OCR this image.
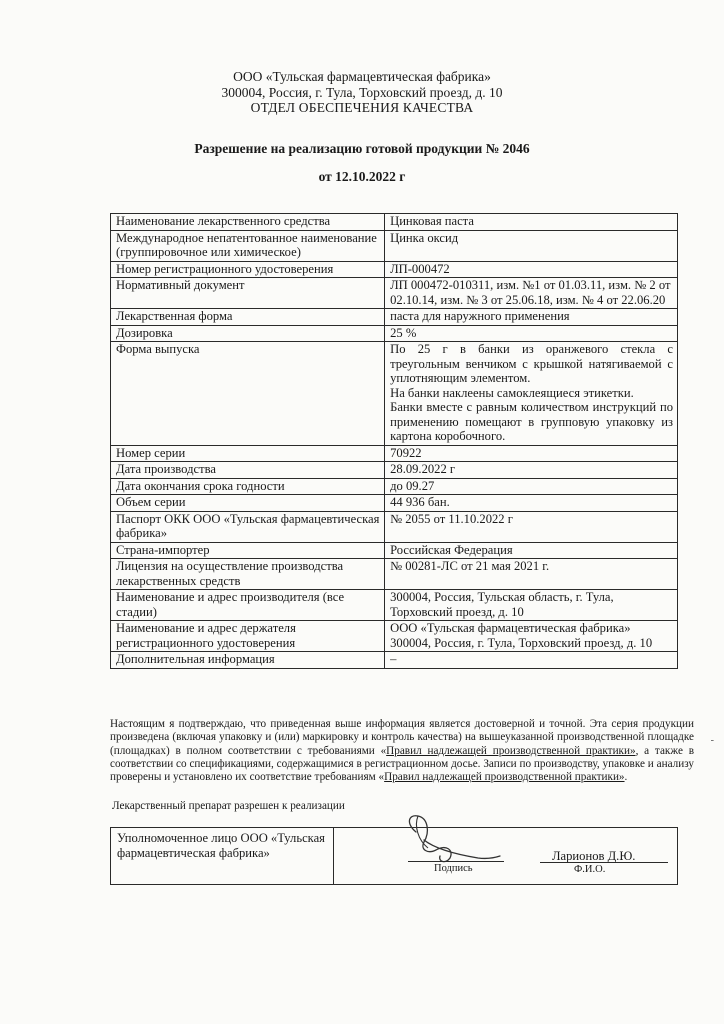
ООО «Тульская фармацевтическая фабрика»
300004, Россия, г. Тула, Торховский проезд, д. 10
ОТДЕЛ ОБЕСПЕЧЕНИЯ КАЧЕСТВА
Разрешение на реализацию готовой продукции № 2046
от 12.10.2022 г
Наименование лекарственного средства	Цинковая паста

Международное непатентованное наименование (группировочное или химическое)	Цинка оксид

Номер регистрационного удостоверения	ЛП-000472

Нормативный документ	ЛП 000472-010311, изм. №1 от 01.03.11, изм. № 2 от 02.10.14, изм. № 3 от 25.06.18, изм. № 4 от 22.06.20

Лекарственная форма	паста для наружного применения

Дозировка	25 %

Форма выпуска	По 25 г в банки из оранжевого стекла с треугольным венчиком с крышкой натягиваемой с уплотняющим элементом.
На банки наклеены самоклеящиеся этикетки.
Банки вместе с равным количеством инструкций по применению помещают в групповую упаковку из картона коробочного.

Номер серии	70922

Дата производства	28.09.2022 г

Дата окончания срока годности	до 09.27

Объем серии	44 936 бан.

Паспорт ОКК ООО «Тульская фармацевтическая фабрика»	№ 2055 от 11.10.2022 г

Страна-импортер	Российская Федерация

Лицензия на осуществление производства лекарственных средств	№ 00281-ЛС от 21 мая 2021 г.

Наименование и адрес производителя (все стадии)	300004, Россия, Тульская область, г. Тула, Торховский проезд, д. 10

Наименование и адрес держателя регистрационного удостоверения	ООО «Тульская фармацевтическая фабрика» 300004, Россия, г. Тула, Торховский проезд, д. 10

Дополнительная информация	–
Настоящим я подтверждаю, что приведенная выше информация является достоверной и точной. Эта серия продукции произведена (включая упаковку и (или) маркировку и контроль качества) на вышеуказанной производственной площадке (площадках) в полном соответствии с требованиями «Правил надлежащей производственной практики», а также в соответствии со спецификациями, содержащимися в регистрационном досье. Записи по производству, упаковке и анализу проверены и установлено их соответствие требованиям «Правил надлежащей производственной практики».
Лекарственный препарат разрешен к реализации
Уполномоченное лицо ООО «Тульская фармацевтическая фабрика»	
Подпись
Ларионов Д.Ю.
Ф.И.О.
-
